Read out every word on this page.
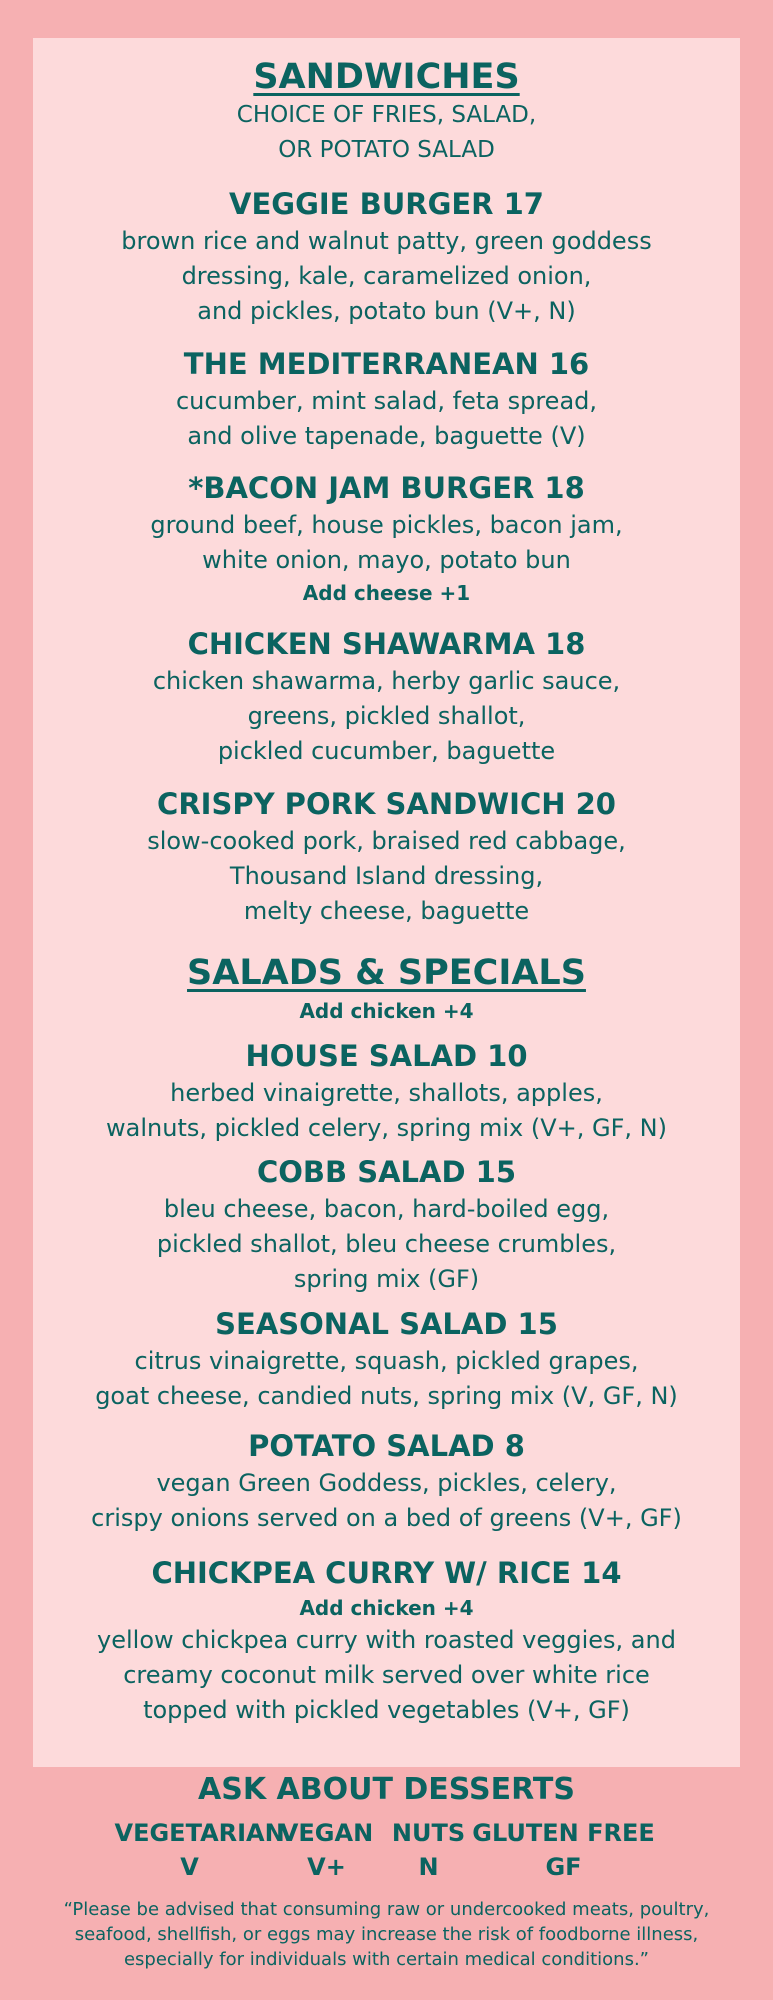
SANDWICHES

CHOICE OF FRIES, SALAD,

OR POTATO SALAD

VEGGIE BURGER 17

brown rice and walnut patty, green goddess

dressing, kale, caramelized onion,

and pickles, potato bun (V+, N)

THE MEDITERRANEAN 16

cucumber, mint salad, feta spread,

and olive tapenade, baguette (V)

*BACON JAM BURGER 18

ground beef, house pickles, bacon jam,

white onion, mayo, potato bun

Add cheese +1

CHICKEN SHAWARMA 18

chicken shawarma, herby garlic sauce,

greens, pickled shallot,

pickled cucumber, baguette

CRISPY PORK SANDWICH 20

slow-cooked pork, braised red cabbage,

Thousand Island dressing,

melty cheese, baguette

SALADS & SPECIALS

Add chicken +4

HOUSE SALAD 10

herbed vinaigrette, shallots, apples,

walnuts, pickled celery, spring mix (V+, GF, N)

COBB SALAD 15

bleu cheese, bacon, hard-boiled egg,

pickled shallot, bleu cheese crumbles,

spring mix (GF)

SEASONAL SALAD 15

citrus vinaigrette, squash, pickled grapes,

goat cheese, candied nuts, spring mix (V, GF, N)

POTATO SALAD 8

vegan Green Goddess, pickles, celery,

crispy onions served on a bed of greens (V+, GF)

CHICKPEA CURRY W/ RICE 14

Add chicken +4

yellow chickpea curry with roasted veggies, and

creamy coconut milk served over white rice

topped with pickled vegetables (V+, GF)

ASK ABOUT DESSERTS

VEGETARIAN
V
VEGAN
V+
NUTS
N
GLUTEN FREE
GF

“Please be advised that consuming raw or undercooked meats, poultry, seafood, shellfish, or eggs may increase the risk of foodborne illness, especially for individuals with certain medical conditions.”
